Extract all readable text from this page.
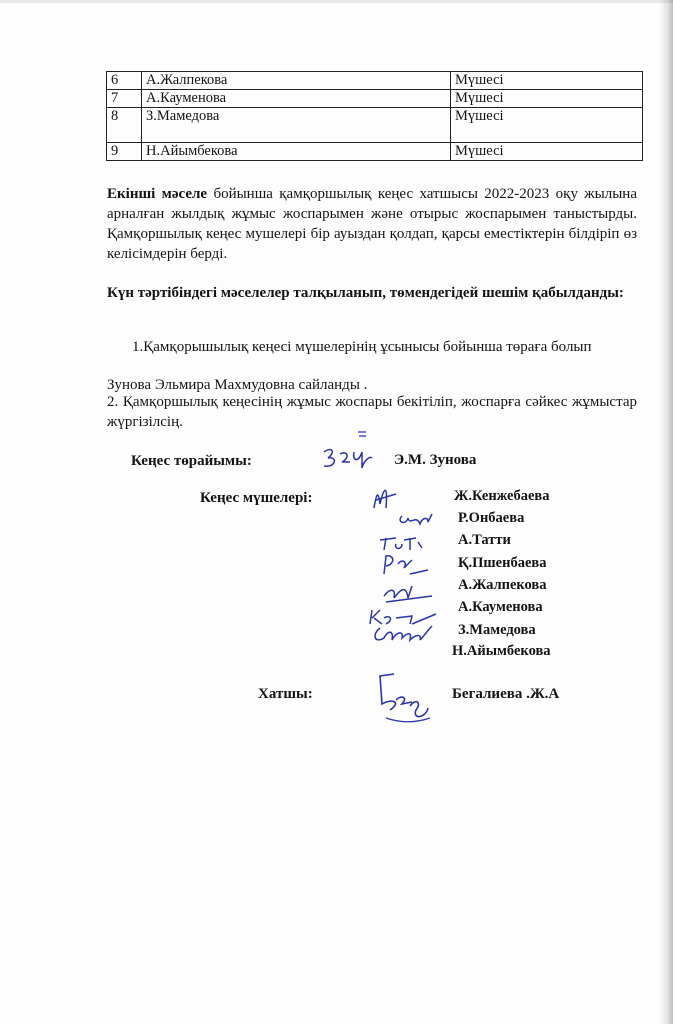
6	А.Жалпекова	Мүшесі
7	А.Кауменова	Мүшесі
8	З.Мамедова	Мүшесі
9	Н.Айымбекова	Мүшесі
Екінші мәселе бойынша қамқоршылық кеңес хатшысы 2022-2023 оқу жылына арналған жылдық жұмыс жоспарымен және отырыс жоспарымен таныстырды. Қамқоршылық кеңес мушелері бір ауыздан қолдап, қарсы еместіктерін білдіріп өз келісімдерін берді.
Күн тәртібіндегі мәселелер талқыланып, төмендегідей шешім қабылданды:
1.Қамқорышылық кеңесі мүшелерінің ұсынысы бойынша төраға болып
Зунова Эльмира Махмудовна сайланды .
2. Қамқоршылық кеңесінің жұмыс жоспары бекітіліп, жоспарға сәйкес жұмыстар жүргізілсің.
Кеңес төрайымы:	Э.М. Зунова
Кеңес мүшелері:	Ж.Кенжебаева
Р.Онбаева
А.Татти
Қ.Пшенбаева
А.Жалпекова
А.Кауменова
З.Мамедова
Н.Айымбекова
Хатшы:	Бегалиева .Ж.А
